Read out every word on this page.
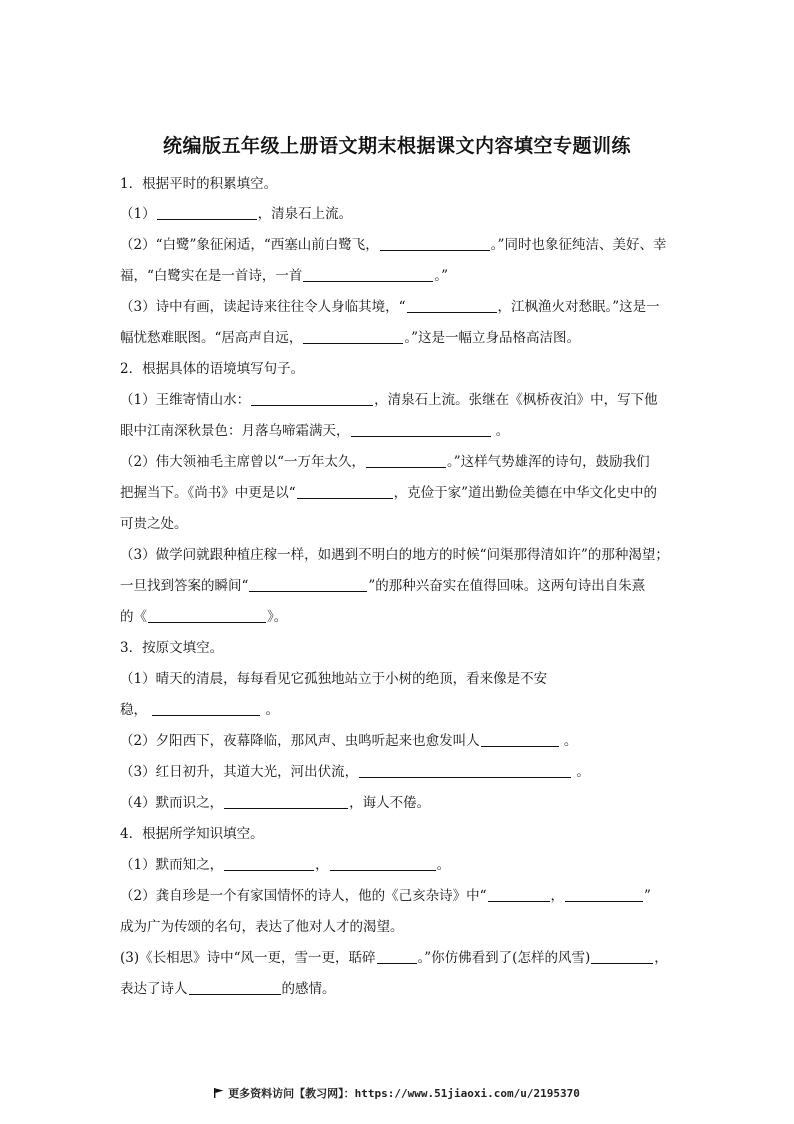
统编版五年级上册语文期末根据课文内容填空专题训练
1．根据平时的积累填空。
（1）	，清泉石上流。
（2）“白鹭”象征闲适，“西塞山前白鹭飞，	。”同时也象征纯洁、美好、幸
福，“白鹭实在是一首诗，一首	。”
（3）诗中有画，读起诗来往往令人身临其境，“	，江枫渔火对愁眠。”这是一
幅忧愁难眠图。“居高声自远，	。”这是一幅立身品格高洁图。
2．根据具体的语境填写句子。
（1）王维寄情山水：	，清泉石上流。张继在《枫桥夜泊》中，写下他
眼中江南深秋景色：月落乌啼霜满天，	。
（2）伟大领袖毛主席曾以“一万年太久，	。”这样气势雄浑的诗句，鼓励我们
把握当下。《尚书》中更是以“	，克俭于家”道出勤俭美德在中华文化史中的
可贵之处。
（3）做学问就跟种植庄稼一样，如遇到不明白的地方的时候“问渠那得清如许”的那种渴望；
一旦找到答案的瞬间“	”的那种兴奋实在值得回味。这两句诗出自朱熹
的《	》。
3．按原文填空。
（1）晴天的清晨，每每看见它孤独地站立于小树的绝顶，看来像是不安
稳，	。
（2）夕阳西下，夜幕降临，那风声、虫鸣听起来也愈发叫人	。
（3）红日初升，其道大光，河出伏流，	。
（4）默而识之，	，诲人不倦。
4．根据所学知识填空。
（1）默而知之，	，	。
（2）龚自珍是一个有家国情怀的诗人，他的《己亥杂诗》中“	，	”
成为广为传颂的名句，表达了他对人才的渴望。
(3)《长相思》诗中“风一更，雪一更，聒碎	。”你仿佛看到了(怎样的风雪)	，
表达了诗人	的感情。
更多资料访问【教习网】：https://www.51jiaoxi.com/u/2195370
